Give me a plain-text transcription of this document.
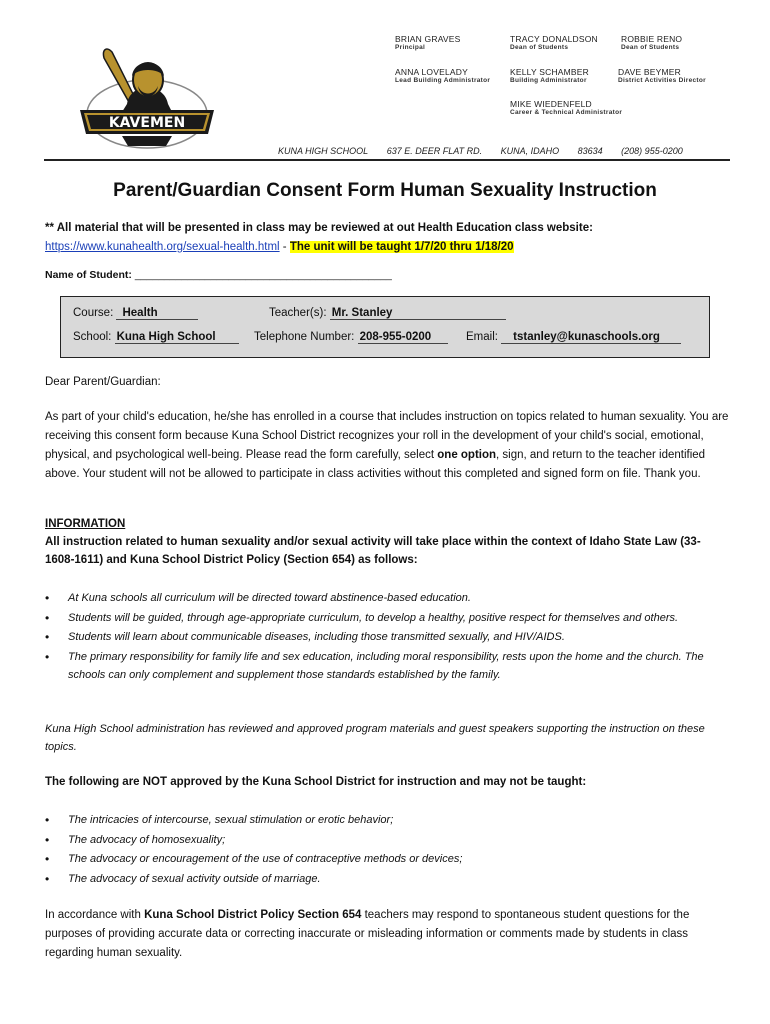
KAVEMEN
BRIAN GRAVES
Principal
TRACY DONALDSON
Dean of Students
ROBBIE RENO
Dean of Students
ANNA LOVELADY
Lead Building Administrator
KELLY SCHAMBER
Building Administrator
DAVE BEYMER
District Activities Director
MIKE WIEDENFELD
Career & Technical Administrator
KUNA HIGH SCHOOL 637 E. DEER FLAT RD. KUNA, IDAHO 83634 (208) 955-0200
Parent/Guardian Consent Form Human Sexuality Instruction
** All material that will be presented in class may be reviewed at out Health Education class website:
https://www.kunahealth.org/sexual-health.html - The unit will be taught 1/7/20 thru 1/18/20
Name of Student: ____________________________________________
Course: Health	Teacher(s): Mr. Stanley
School: Kuna High School	Telephone Number: 208-955-0200	Email: tstanley@kunaschools.org
Dear Parent/Guardian:
As part of your child's education, he/she has enrolled in a course that includes instruction on topics related to human sexuality. You are receiving this consent form because Kuna School District recognizes your roll in the development of your child's social, emotional, physical, and psychological well-being. Please read the form carefully, select one option, sign, and return to the teacher identified above. Your student will not be allowed to participate in class activities without this completed and signed form on file. Thank you.
INFORMATION
All instruction related to human sexuality and/or sexual activity will take place within the context of Idaho State Law (33-1608-1611) and Kuna School District Policy (Section 654) as follows:
• At Kuna schools all curriculum will be directed toward abstinence-based education.
• Students will be guided, through age-appropriate curriculum, to develop a healthy, positive respect for themselves and others.
• Students will learn about communicable diseases, including those transmitted sexually, and HIV/AIDS.
• The primary responsibility for family life and sex education, including moral responsibility, rests upon the home and the church. The schools can only complement and supplement those standards established by the family.
Kuna High School administration has reviewed and approved program materials and guest speakers supporting the instruction on these topics.
The following are NOT approved by the Kuna School District for instruction and may not be taught:
• The intricacies of intercourse, sexual stimulation or erotic behavior;
• The advocacy of homosexuality;
• The advocacy or encouragement of the use of contraceptive methods or devices;
• The advocacy of sexual activity outside of marriage.
In accordance with Kuna School District Policy Section 654 teachers may respond to spontaneous student questions for the purposes of providing accurate data or correcting inaccurate or misleading information or comments made by students in class regarding human sexuality.
